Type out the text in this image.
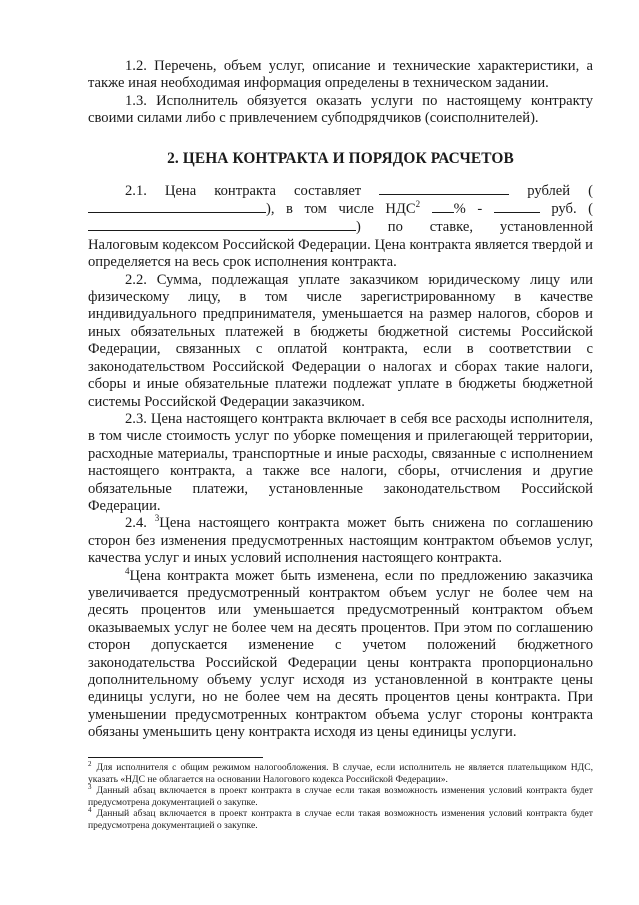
1.2. Перечень, объем услуг, описание и технические характеристики, а также иная необходимая информация определены в техническом задании.

1.3. Исполнитель обязуется оказать услуги по настоящему контракту своими силами либо с привлечением субподрядчиков (соисполнителей).

2. ЦЕНА КОНТРАКТА И ПОРЯДОК РАСЧЕТОВ

2.1. Цена контракта составляет	рублей (), в том числе НДС$^2$ % -	руб. () по ставке, установленной Налоговым кодексом Российской Федерации. Цена контракта является твердой и определяется на весь срок исполнения контракта.

2.2. Сумма, подлежащая уплате заказчиком юридическому лицу или физическому лицу, в том числе зарегистрированному в качестве индивидуального предпринимателя, уменьшается на размер налогов, сборов и иных обязательных платежей в бюджеты бюджетной системы Российской Федерации, связанных с оплатой контракта, если в соответствии с законодательством Российской Федерации о налогах и сборах такие налоги, сборы и иные обязательные платежи подлежат уплате в бюджеты бюджетной системы Российской Федерации заказчиком.

2.3. Цена настоящего контракта включает в себя все расходы исполнителя, в том числе стоимость услуг по уборке помещения и прилегающей территории, расходные материалы, транспортные и иные расходы, связанные с исполнением настоящего контракта, а также все налоги, сборы, отчисления и другие обязательные платежи, установленные законодательством Российской Федерации.

2.4. $^3$Цена настоящего контракта может быть снижена по соглашению сторон без изменения предусмотренных настоящим контрактом объемов услуг, качества услуг и иных условий исполнения настоящего контракта.

$^4$Цена контракта может быть изменена, если по предложению заказчика увеличивается предусмотренный контрактом объем услуг не более чем на десять процентов или уменьшается предусмотренный контрактом объем оказываемых услуг не более чем на десять процентов. При этом по соглашению сторон допускается изменение с учетом положений бюджетного законодательства Российской Федерации цены контракта пропорционально дополнительному объему услуг исходя из установленной в контракте цены единицы услуги, но не более чем на десять процентов цены контракта. При уменьшении предусмотренных контрактом объема услуг стороны контракта обязаны уменьшить цену контракта исходя из цены единицы услуги.

$^2$ Для исполнителя с общим режимом налогообложения. В случае, если исполнитель не является плательщиком НДС, указать «НДС не облагается на основании Налогового кодекса Российской Федерации».

$^3$ Данный абзац включается в проект контракта в случае если такая возможность изменения условий контракта будет предусмотрена документацией о закупке.

$^4$ Данный абзац включается в проект контракта в случае если такая возможность изменения условий контракта будет предусмотрена документацией о закупке.
